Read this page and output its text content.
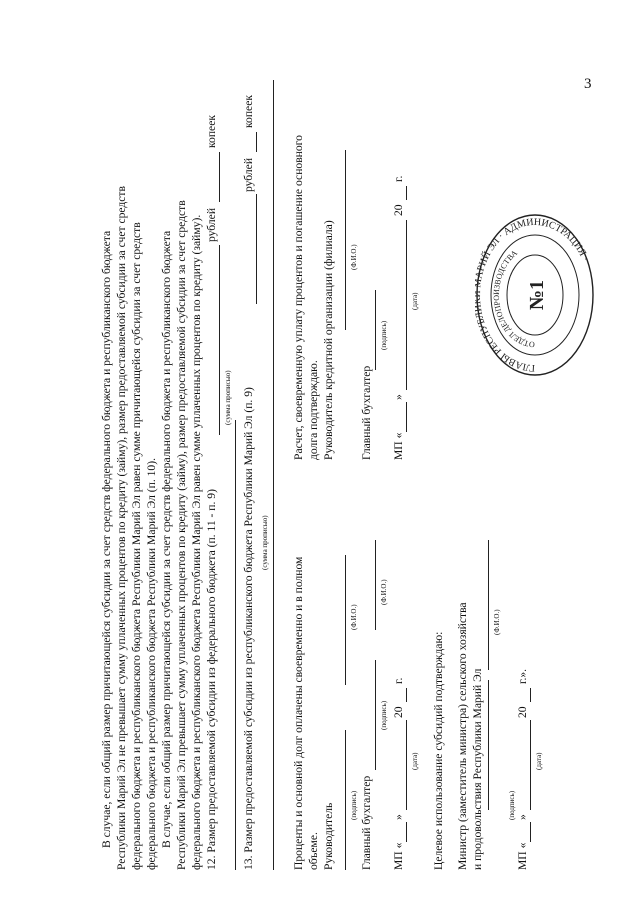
3
В случае, если общий размер причитающейся субсидии за счет средств федерального бюджета и республиканского бюджета Республики Марий Эл не превышает сумму уплаченных процентов по кредиту (займу), размер предоставляемой субсидии за счет средств федерального бюджета и республиканского бюджета Республики Марий Эл равен сумме причитающейся субсидии за счет средств федерального бюджета и республиканского бюджета Республики Марий Эл (п. 10). В случае, если общий размер причитающейся субсидии за счет средств федерального бюджета и республиканского бюджета Республики Марий Эл превышает сумму уплаченных процентов по кредиту (займу), размер предоставляемой субсидии за счет средств федерального бюджета и республиканского бюджета Республики Марий Эл равен сумме уплаченных процентов по кредиту (займу). 12. Размер предоставляемой субсидии из федерального бюджета (п. 11 - п. 9)
рублей
копеек
(сумма прописью) 13. Размер предоставляемой субсидии из республиканского бюджета Республики Марий Эл (п. 9)
рублей
копеек
(сумма прописью)
Проценты и основной долг оплачены своевременно и в полном объеме. Руководитель	(подпись)
(Ф.И.О.)
Главный бухгалтер
(подпись)
(Ф.И.О.)
МП «
»
20
г.
(дата)
Расчет, своевременную уплату процентов и погашение основного долга подтверждаю. Руководитель кредитной организации (филиала)	(Ф.И.О.)
Главный бухгалтер
(подпись)
МП «
»
20
г.
(дата)
Целевое использование субсидий подтверждаю: Министр (заместитель министра) сельского хозяйства и продовольствия Республики Марий Эл
(Ф.И.О.)
(подпись)
МП «
»
20
г.».
(дата)
ГЛАВЫ РЕСПУБ РИЙ ЭЛ · АДМИНИСТРАЦИЯ ·
ОТДЕЛ ДЕЛОПРОИЗВОДСТВА
№1
